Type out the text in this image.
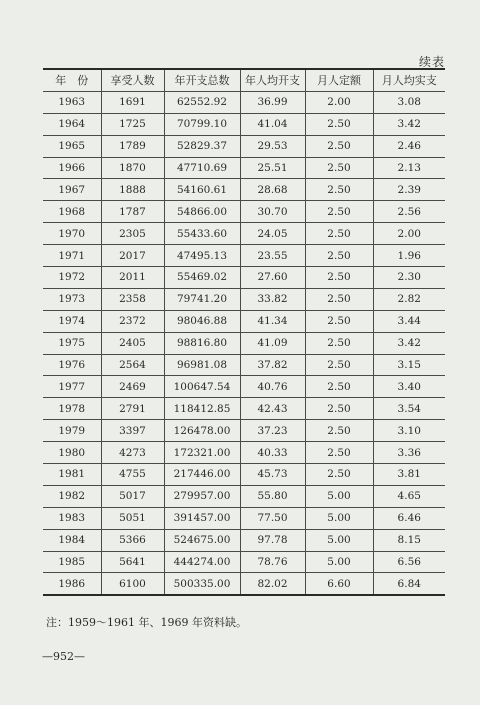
续表
年　份	享受人数	年开支总数	年人均开支	月人定额	月人均实支
1963	1691	62552.92	36.99	2.00	3.08
1964	1725	70799.10	41.04	2.50	3.42
1965	1789	52829.37	29.53	2.50	2.46
1966	1870	47710.69	25.51	2.50	2.13
1967	1888	54160.61	28.68	2.50	2.39
1968	1787	54866.00	30.70	2.50	2.56
1970	2305	55433.60	24.05	2.50	2.00
1971	2017	47495.13	23.55	2.50	1.96
1972	2011	55469.02	27.60	2.50	2.30
1973	2358	79741.20	33.82	2.50	2.82
1974	2372	98046.88	41.34	2.50	3.44
1975	2405	98816.80	41.09	2.50	3.42
1976	2564	96981.08	37.82	2.50	3.15
1977	2469	100647.54	40.76	2.50	3.40
1978	2791	118412.85	42.43	2.50	3.54
1979	3397	126478.00	37.23	2.50	3.10
1980	4273	172321.00	40.33	2.50	3.36
1981	4755	217446.00	45.73	2.50	3.81
1982	5017	279957.00	55.80	5.00	4.65
1983	5051	391457.00	77.50	5.00	6.46
1984	5366	524675.00	97.78	5.00	8.15
1985	5641	444274.00	78.76	5.00	6.56
1986	6100	500335.00	82.02	6.60	6.84
注：1959～1961 年、1969 年资料缺。
—952—
